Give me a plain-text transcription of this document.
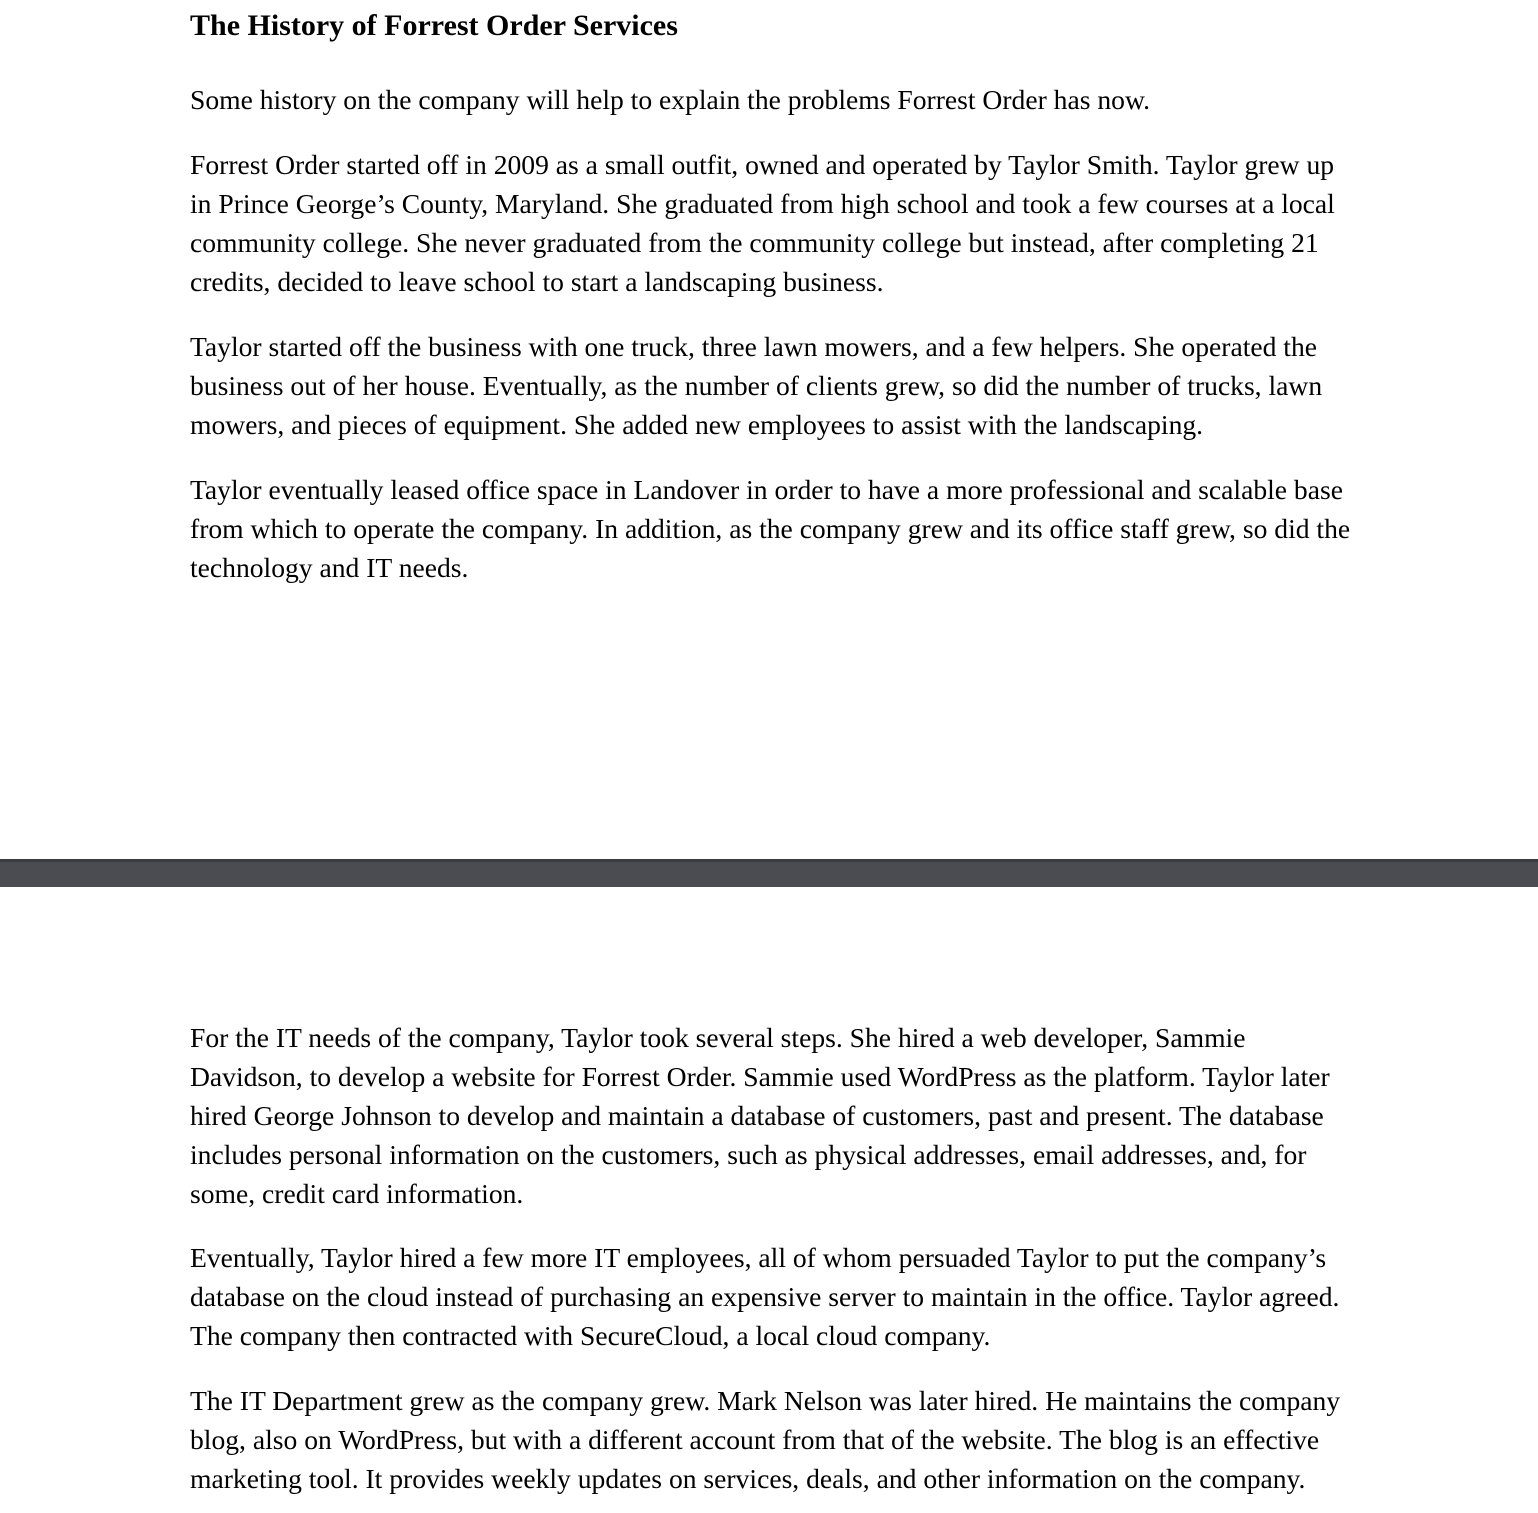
The History of Forrest Order Services

Some history on the company will help to explain the problems Forrest Order has now.

Forrest Order started off in 2009 as a small outfit, owned and operated by Taylor Smith. Taylor grew up
in Prince George’s County, Maryland. She graduated from high school and took a few courses at a local
community college. She never graduated from the community college but instead, after completing 21
credits, decided to leave school to start a landscaping business.

Taylor started off the business with one truck, three lawn mowers, and a few helpers. She operated the
business out of her house. Eventually, as the number of clients grew, so did the number of trucks, lawn
mowers, and pieces of equipment. She added new employees to assist with the landscaping.

Taylor eventually leased office space in Landover in order to have a more professional and scalable base
from which to operate the company. In addition, as the company grew and its office staff grew, so did the
technology and IT needs.

For the IT needs of the company, Taylor took several steps. She hired a web developer, Sammie
Davidson, to develop a website for Forrest Order. Sammie used WordPress as the platform. Taylor later
hired George Johnson to develop and maintain a database of customers, past and present. The database
includes personal information on the customers, such as physical addresses, email addresses, and, for
some, credit card information.

Eventually, Taylor hired a few more IT employees, all of whom persuaded Taylor to put the company’s
database on the cloud instead of purchasing an expensive server to maintain in the office. Taylor agreed.
The company then contracted with SecureCloud, a local cloud company.

The IT Department grew as the company grew. Mark Nelson was later hired. He maintains the company
blog, also on WordPress, but with a different account from that of the website. The blog is an effective
marketing tool. It provides weekly updates on services, deals, and other information on the company.
